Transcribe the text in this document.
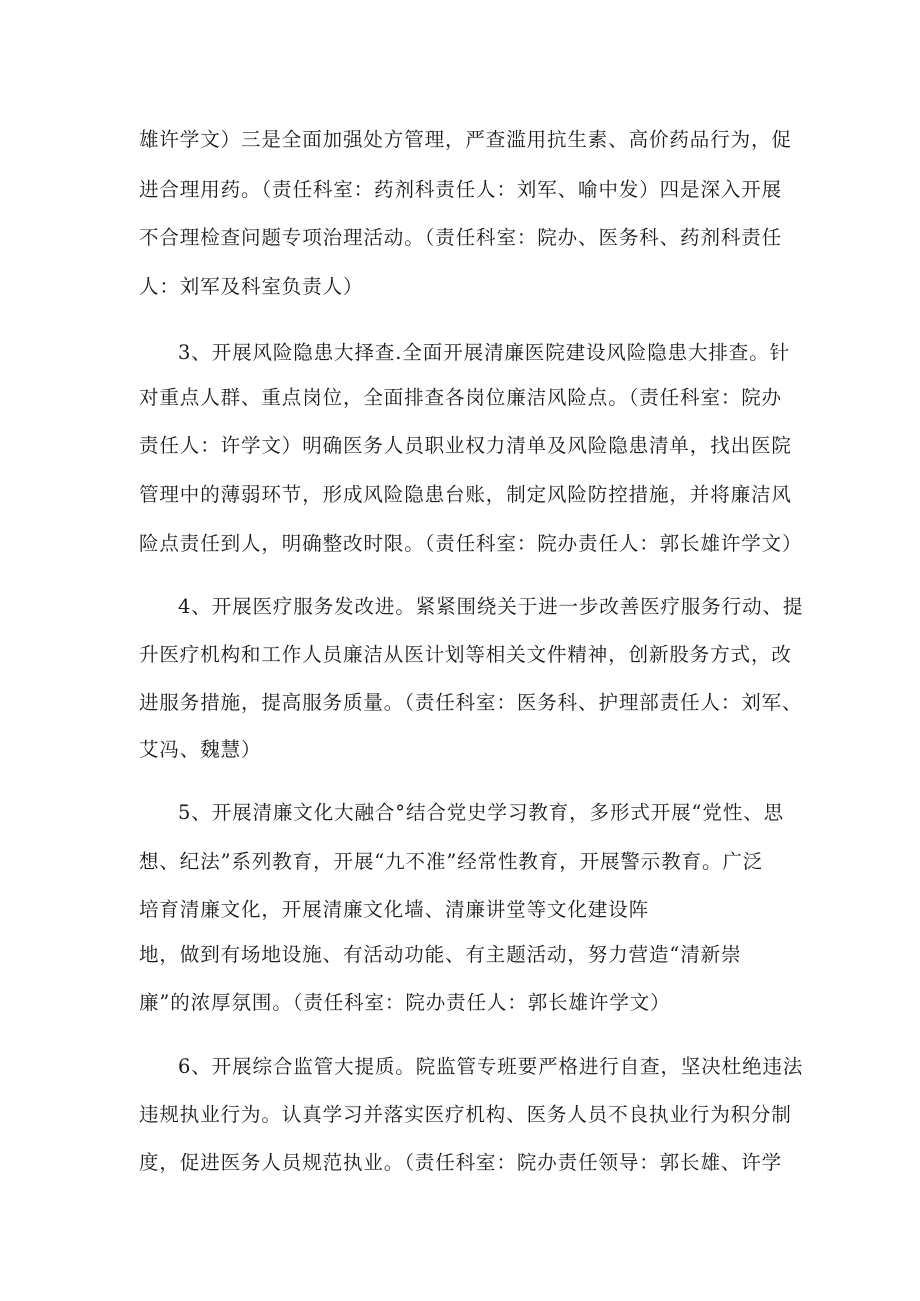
雄许学文）三是全面加强处方管理，严查滥用抗生素、高价药品行为，促
进合理用药。（责任科室：药剂科责任人：刘军、喻中发）四是深入开展
不合理检查问题专项治理活动。（责任科室：院办、医务科、药剂科责任
人：刘军及科室负责人）
3、开展风险隐患大择查.全面开展清廉医院建设风险隐患大排查。针
对重点人群、重点岗位，全面排查各岗位廉洁风险点。（责任科室：院办
责任人：许学文）明确医务人员职业权力清单及风险隐患清单，找出医院
管理中的薄弱环节，形成风险隐患台账，制定风险防控措施，并将廉洁风
险点责任到人，明确整改时限。（责任科室：院办责任人：郭长雄许学文）
4、开展医疗服务发改进。紧紧围绕关于进一步改善医疗服务行动、提
升医疗机构和工作人员廉洁从医计划等相关文件精神，创新股务方式，改
进服务措施，提高服务质量。（责任科室：医务科、护理部责任人：刘军、
艾冯、魏慧）
5、开展清廉文化大融合°结合党史学习教育，多形式开展“党性、思
想、纪法”系列教育，开展“九不准”经常性教育，开展警示教育。广泛
培育清廉文化，开展清廉文化墙、清廉讲堂等文化建设阵
地，做到有场地设施、有活动功能、有主题活动，努力营造“清新崇
廉”的浓厚氛围。（责任科室：院办责任人：郭长雄许学文）
6、开展综合监管大提质。院监管专班要严格进行自查，坚决杜绝违法
违规执业行为。认真学习并落实医疗机构、医务人员不良执业行为积分制
度，促进医务人员规范执业。（责任科室：院办责任领导：郭长雄、许学
